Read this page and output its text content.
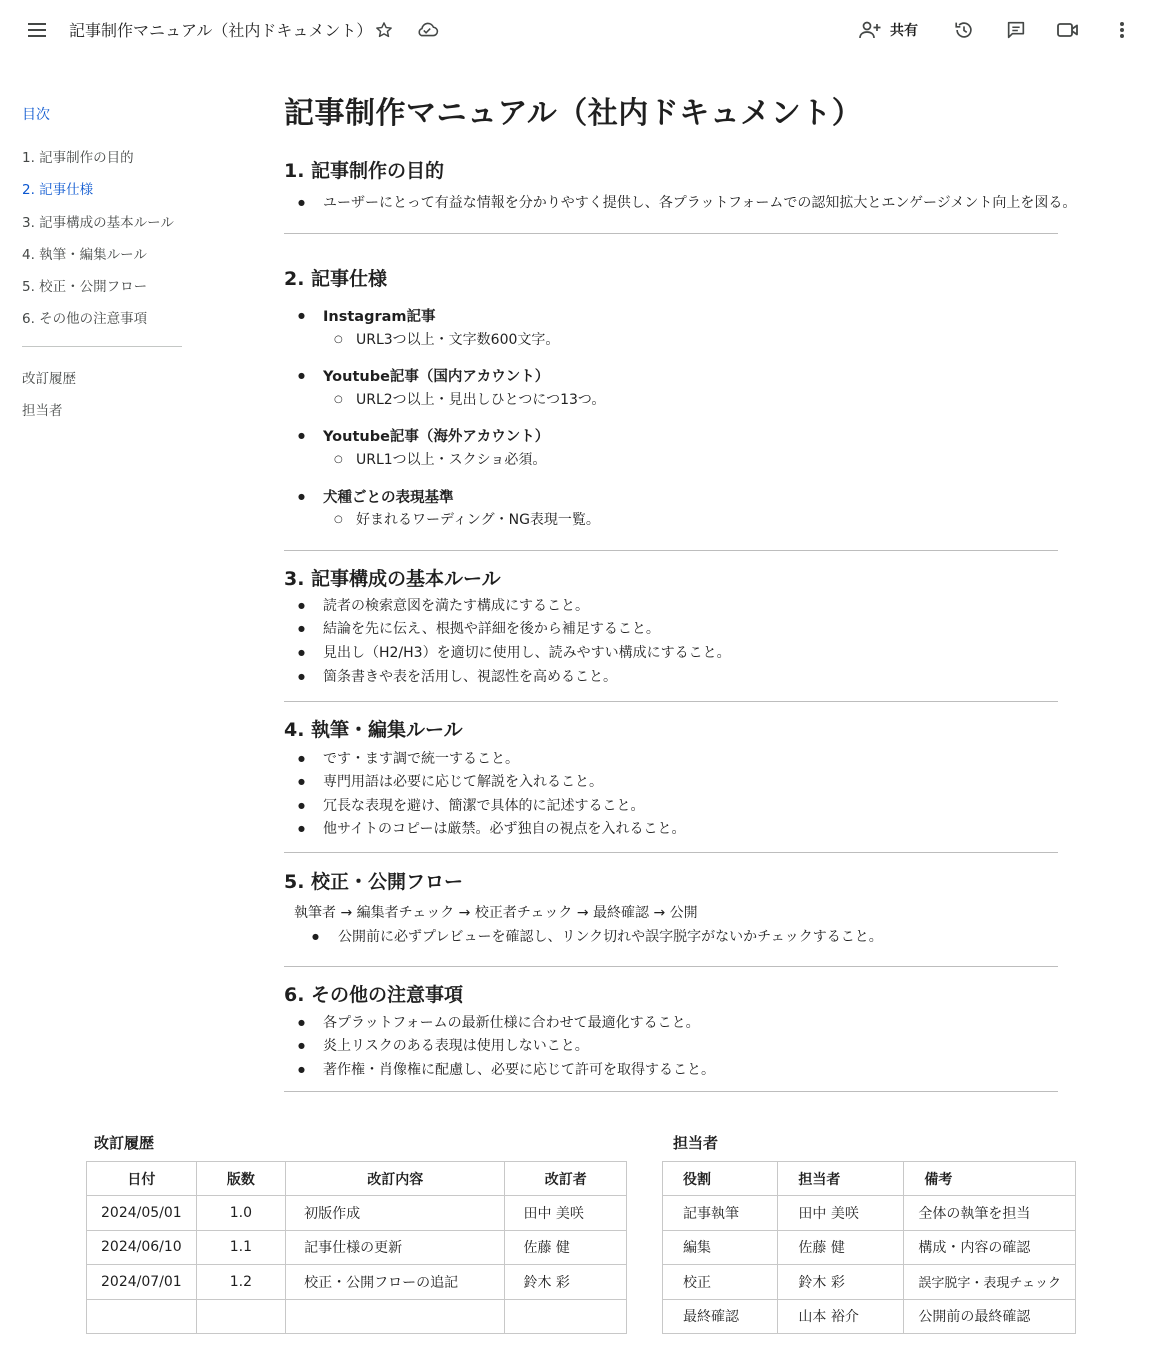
記事制作マニュアル（社内ドキュメント）	共有
目次
1. 記事制作の目的
2. 記事仕様
3. 記事構成の基本ルール
4. 執筆・編集ルール
5. 校正・公開フロー
6. その他の注意事項
改訂履歴
担当者
記事制作マニュアル（社内ドキュメント）
1. 記事制作の目的
● ユーザーにとって有益な情報を分かりやすく提供し、各プラットフォームでの認知拡大とエンゲージメント向上を図る。
2. 記事仕様
● Instagram記事
○ URL3つ以上・文字数600文字。
● Youtube記事（国内アカウント）
○ URL2つ以上・見出しひとつにつ13つ。
● Youtube記事（海外アカウント）
○ URL1つ以上・スクショ必須。
● 犬種ごとの表現基準
○ 好まれるワーディング・NG表現一覧。
3. 記事構成の基本ルール
● 読者の検索意図を満たす構成にすること。
● 結論を先に伝え、根拠や詳細を後から補足すること。
● 見出し（H2/H3）を適切に使用し、読みやすい構成にすること。
● 箇条書きや表を活用し、視認性を高めること。
4. 執筆・編集ルール
● です・ます調で統一すること。
● 専門用語は必要に応じて解説を入れること。
● 冗長な表現を避け、簡潔で具体的に記述すること。
● 他サイトのコピーは厳禁。必ず独自の視点を入れること。
5. 校正・公開フロー
執筆者 → 編集者チェック → 校正者チェック → 最終確認 → 公開
● 公開前に必ずプレビューを確認し、リンク切れや誤字脱字がないかチェックすること。
6. その他の注意事項
● 各プラットフォームの最新仕様に合わせて最適化すること。
● 炎上リスクのある表現は使用しないこと。
● 著作権・肖像権に配慮し、必要に応じて許可を取得すること。
改訂履歴
日付	版数	改訂内容	改訂者
2024/05/01	1.0	初版作成	田中 美咲
2024/06/10	1.1	記事仕様の更新	佐藤 健
2024/07/01	1.2	校正・公開フローの追記	鈴木 彩

担当者
役割	担当者	備考
記事執筆	田中 美咲	全体の執筆を担当
編集	佐藤 健	構成・内容の確認
校正	鈴木 彩	誤字脱字・表現チェック
最終確認	山本 裕介	公開前の最終確認
